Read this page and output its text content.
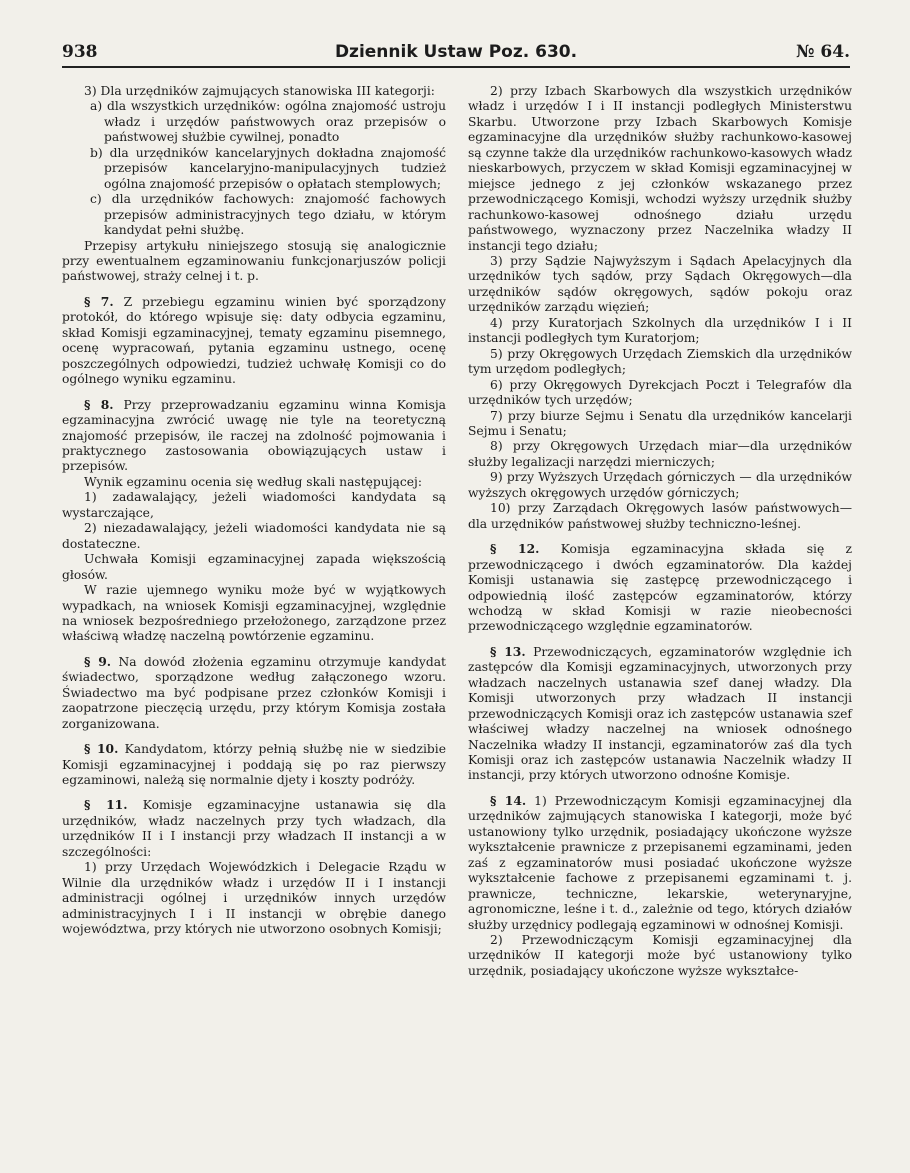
938	Dziennik Ustaw Poz. 630.	№ 64.

3) Dla urzędników zajmujących stanowiska III kategorji:

a) dla wszystkich urzędników: ogólna znajomość ustroju władz i urzędów państwowych oraz przepisów o państwowej służbie cywilnej, ponadto

b) dla urzędników kancelaryjnych dokładna znajomość przepisów kancelaryjno-manipulacyjnych tudzież ogólna znajomość przepisów o opłatach stemplowych;

c) dla urzędników fachowych: znajomość fachowych przepisów administracyjnych tego działu, w którym kandydat pełni służbę.

Przepisy artykułu niniejszego stosują się analogicznie przy ewentualnem egzaminowaniu funkcjonarjuszów policji państwowej, straży celnej i t. p.

§ 7. Z przebiegu egzaminu winien być sporządzony protokół, do którego wpisuje się: daty odbycia egzaminu, skład Komisji egzaminacyjnej, tematy egzaminu pisemnego, ocenę wypracowań, pytania egzaminu ustnego, ocenę poszczególnych odpowiedzi, tudzież uchwałę Komisji co do ogólnego wyniku egzaminu.

§ 8. Przy przeprowadzaniu egzaminu winna Komisja egzaminacyjna zwrócić uwagę nie tyle na teoretyczną znajomość przepisów, ile raczej na zdolność pojmowania i praktycznego zastosowania obowiązujących ustaw i przepisów.

Wynik egzaminu ocenia się według skali następującej:

1) zadawalający, jeżeli wiadomości kandydata są wystarczające,

2) niezadawalający, jeżeli wiadomości kandydata nie są dostateczne.

Uchwała Komisji egzaminacyjnej zapada większością głosów.

W razie ujemnego wyniku może być w wyjątkowych wypadkach, na wniosek Komisji egzaminacyjnej, względnie na wniosek bezpośredniego przełożonego, zarządzone przez właściwą władzę naczelną powtórzenie egzaminu.

§ 9. Na dowód złożenia egzaminu otrzymuje kandydat świadectwo, sporządzone według załączonego wzoru. Świadectwo ma być podpisane przez członków Komisji i zaopatrzone pieczęcią urzędu, przy którym Komisja została zorganizowana.

§ 10. Kandydatom, którzy pełnią służbę nie w siedzibie Komisji egzaminacyjnej i poddają się po raz pierwszy egzaminowi, należą się normalnie djety i koszty podróży.

§ 11. Komisje egzaminacyjne ustanawia się dla urzędników, władz naczelnych przy tych władzach, dla urzędników II i I instancji przy władzach II instancji a w szczególności:

1) przy Urzędach Wojewódzkich i Delegacie Rządu w Wilnie dla urzędników władz i urzędów II i I instancji administracji ogólnej i urzędników innych urzędów administracyjnych I i II instancji w obrębie danego województwa, przy których nie utworzono osobnych Komisji;

2) przy Izbach Skarbowych dla wszystkich urzędników władz i urzędów I i II instancji podległych Ministerstwu Skarbu. Utworzone przy Izbach Skarbowych Komisje egzaminacyjne dla urzędników służby rachunkowo-kasowej są czynne także dla urzędników rachunkowo-kasowych władz nieskarbowych, przyczem w skład Komisji egzaminacyjnej w miejsce jednego z jej członków wskazanego przez przewodniczącego Komisji, wchodzi wyższy urzędnik służby rachunkowo-kasowej odnośnego działu urzędu państwowego, wyznaczony przez Naczelnika władzy II instancji tego działu;

3) przy Sądzie Najwyższym i Sądach Apelacyjnych dla urzędników tych sądów, przy Sądach Okręgowych—dla urzędników sądów okręgowych, sądów pokoju oraz urzędników zarządu więzień;

4) przy Kuratorjach Szkolnych dla urzędników I i II instancji podległych tym Kuratorjom;

5) przy Okręgowych Urzędach Ziemskich dla urzędników tym urzędom podległych;

6) przy Okręgowych Dyrekcjach Poczt i Telegrafów dla urzędników tych urzędów;

7) przy biurze Sejmu i Senatu dla urzędników kancelarji Sejmu i Senatu;

8) przy Okręgowych Urzędach miar—dla urzędników służby legalizacji narzędzi mierniczych;

9) przy Wyższych Urzędach górniczych — dla urzędników wyższych okręgowych urzędów górniczych;

10) przy Zarządach Okręgowych lasów państwowych—dla urzędników państwowej służby techniczno-leśnej.

§ 12. Komisja egzaminacyjna składa się z przewodniczącego i dwóch egzaminatorów. Dla każdej Komisji ustanawia się zastępcę przewodniczącego i odpowiednią ilość zastępców egzaminatorów, którzy wchodzą w skład Komisji w razie nieobecności przewodniczącego względnie egzaminatorów.

§ 13. Przewodniczących, egzaminatorów względnie ich zastępców dla Komisji egzaminacyjnych, utworzonych przy władzach naczelnych ustanawia szef danej władzy. Dla Komisji utworzonych przy władzach II instancji przewodniczących Komisji oraz ich zastępców ustanawia szef właściwej władzy naczelnej na wniosek odnośnego Naczelnika władzy II instancji, egzaminatorów zaś dla tych Komisji oraz ich zastępców ustanawia Naczelnik władzy II instancji, przy których utworzono odnośne Komisje.

§ 14. 1) Przewodniczącym Komisji egzaminacyjnej dla urzędników zajmujących stanowiska I kategorji, może być ustanowiony tylko urzędnik, posiadający ukończone wyższe wykształcenie prawnicze z przepisanemi egzaminami, jeden zaś z egzaminatorów musi posiadać ukończone wyższe wykształcenie fachowe z przepisanemi egzaminami t. j. prawnicze, techniczne, lekarskie, weterynaryjne, agronomiczne, leśne i t. d., zależnie od tego, których działów służby urzędnicy podlegają egzaminowi w odnośnej Komisji.

2) Przewodniczącym Komisji egzaminacyjnej dla urzędników II kategorji może być ustanowiony tylko urzędnik, posiadający ukończone wyższe wykształce-
